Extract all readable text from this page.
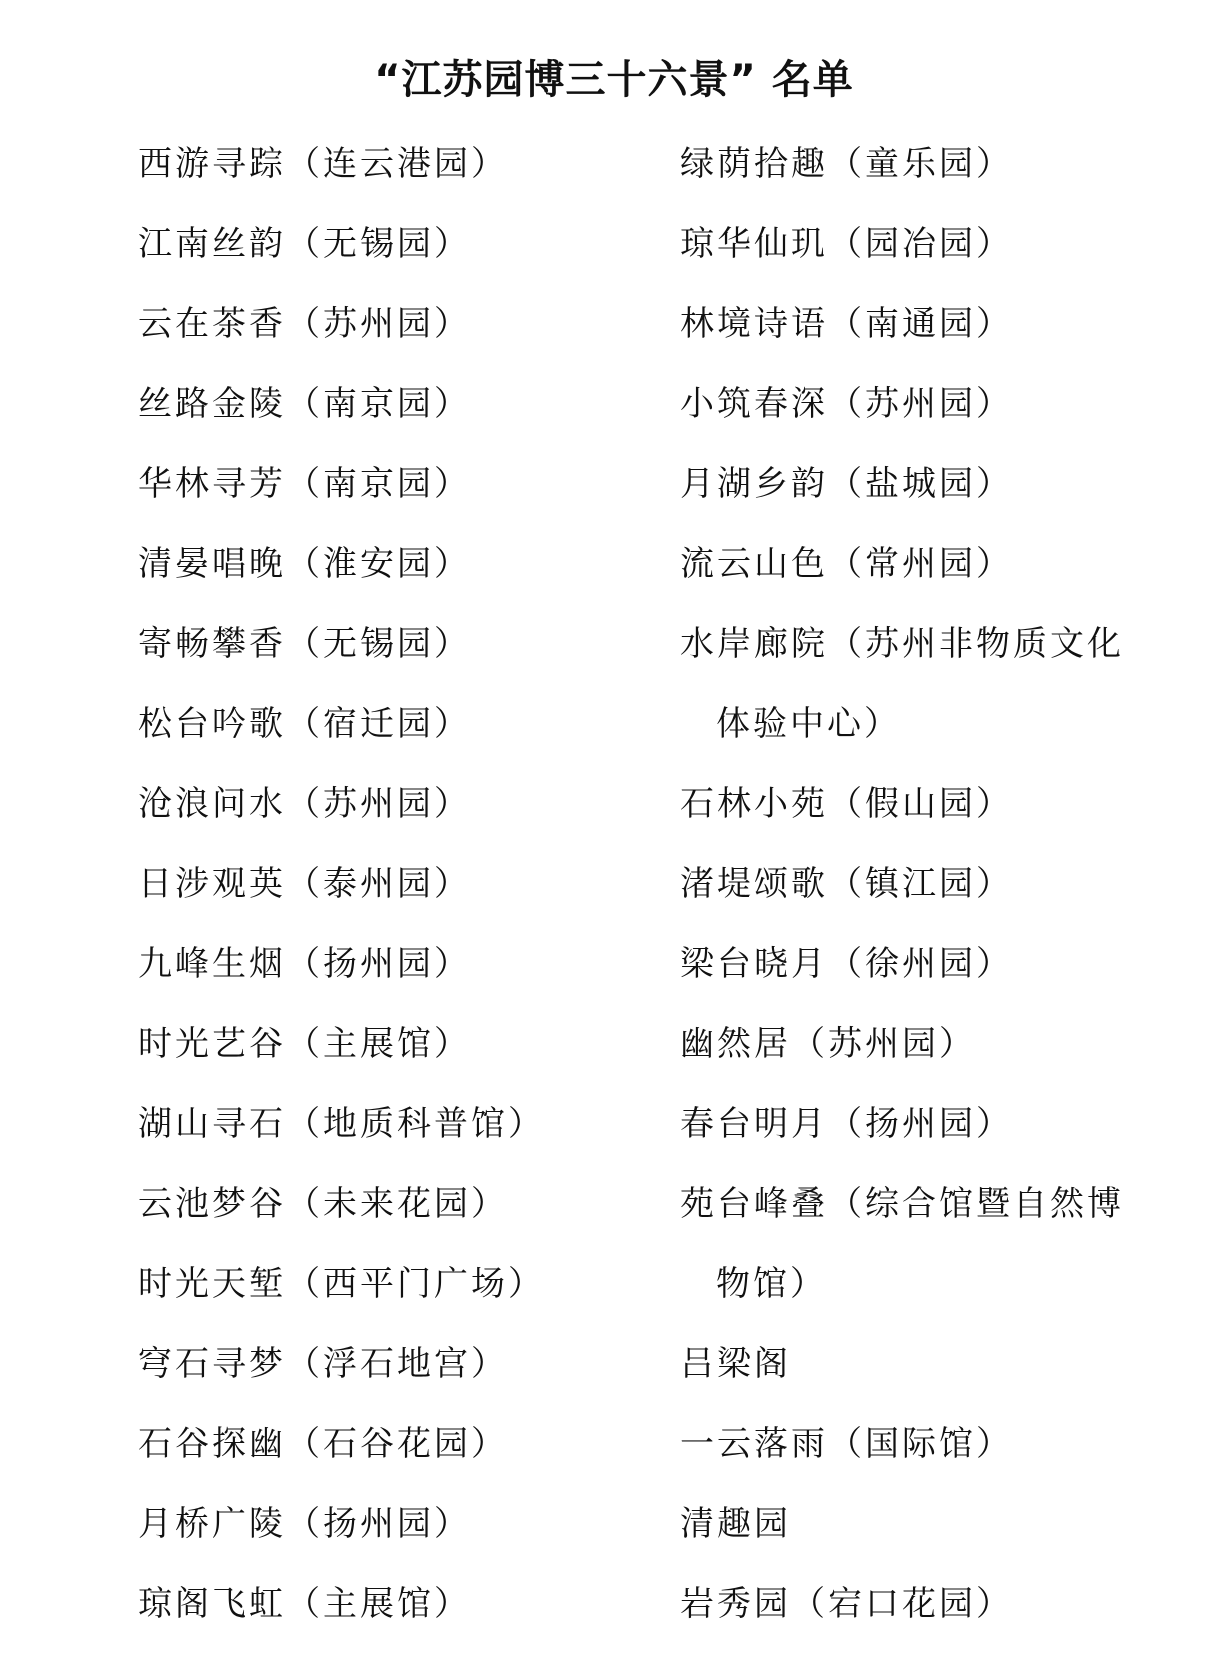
“江苏园博三十六景” 名单
西游寻踪（连云港园）
江南丝韵（无锡园）
云在茶香（苏州园）
丝路金陵（南京园）
华林寻芳（南京园）
清晏唱晚（淮安园）
寄畅攀香（无锡园）
松台吟歌（宿迁园）
沧浪问水（苏州园）
日涉观英（泰州园）
九峰生烟（扬州园）
时光艺谷（主展馆）
湖山寻石（地质科普馆）
云池梦谷（未来花园）
时光天堑（西平门广场）
穹石寻梦（浮石地宫）
石谷探幽（石谷花园）
月桥广陵（扬州园）
琼阁飞虹（主展馆）
绿荫拾趣（童乐园）
琼华仙玑（园冶园）
林境诗语（南通园）
小筑春深（苏州园）
月湖乡韵（盐城园）
流云山色（常州园）
水岸廊院（苏州非物质文化
体验中心）
石林小苑（假山园）
渚堤颂歌（镇江园）
梁台晓月（徐州园）
幽然居（苏州园）
春台明月（扬州园）
苑台峰叠（综合馆暨自然博
物馆）
吕梁阁
一云落雨（国际馆）
清趣园
岩秀园（宕口花园）
